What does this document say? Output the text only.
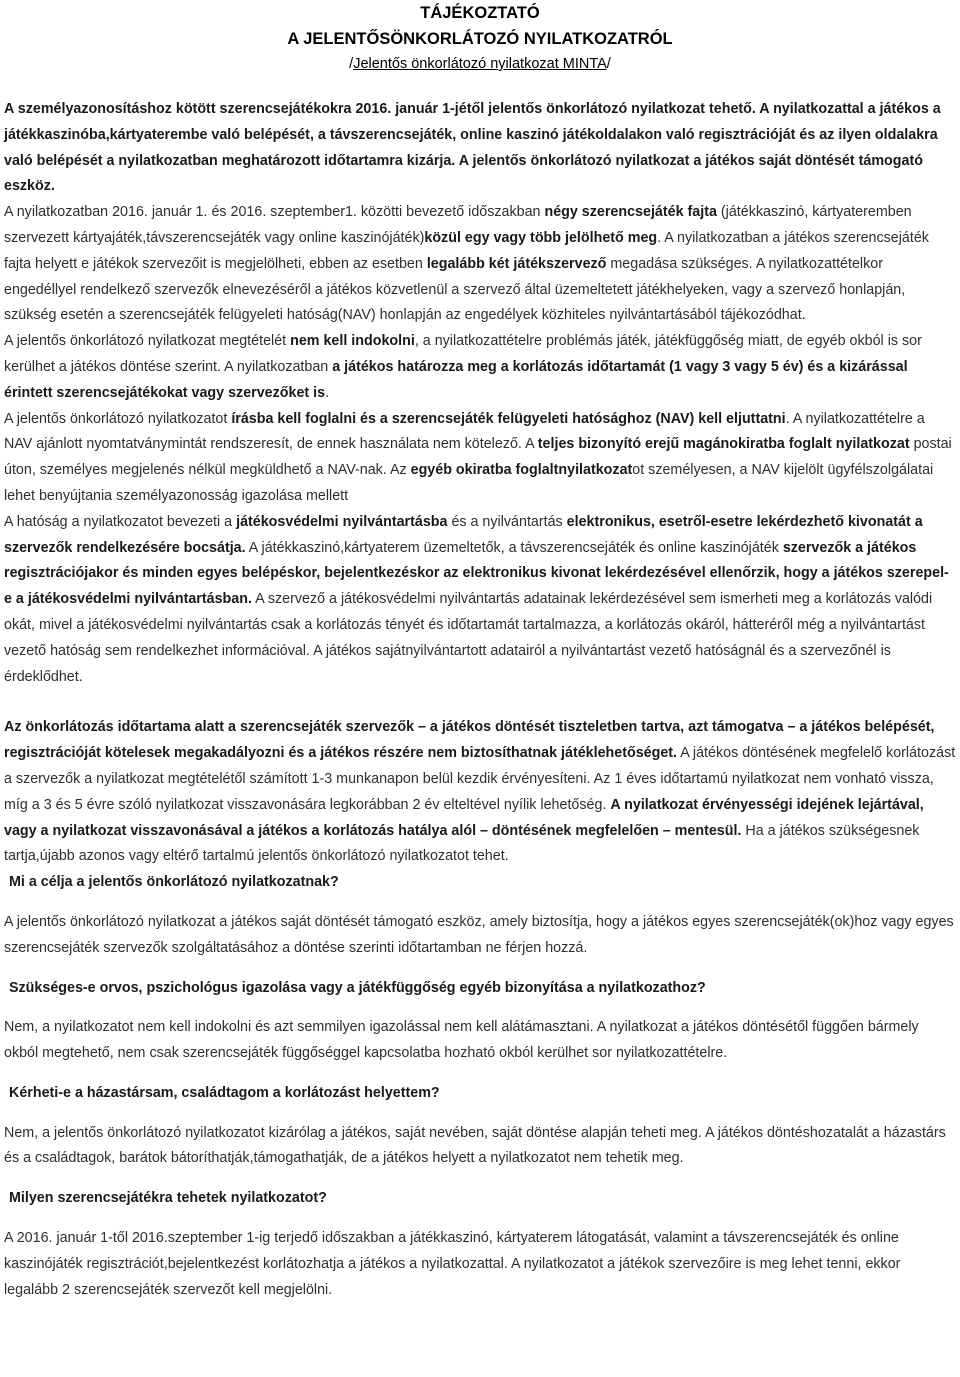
TÁJÉKOZTATÓ
A JELENTŐSÖNKORLÁTOZÓ NYILATKOZATRÓL
/Jelentős önkorlátozó nyilatkozat MINTA/

A személyazonosításhoz kötött szerencsejátékokra 2016. január 1-jétől jelentős önkorlátozó nyilatkozat tehető. A nyilatkozattal a játékos a játékkaszinóba,kártyaterembe való belépését, a távszerencsejáték, online kaszinó játékoldalakon való regisztrációját és az ilyen oldalakra való belépését a nyilatkozatban meghatározott időtartamra kizárja. A jelentős önkorlátozó nyilatkozat a játékos saját döntését támogató eszköz.

A nyilatkozatban 2016. január 1. és 2016. szeptember1. közötti bevezető időszakban négy szerencsejáték fajta (játékkaszinó, kártyateremben szervezett kártyajáték,távszerencsejáték vagy online kaszinójáték)közül egy vagy több jelölhető meg. A nyilatkozatban a játékos szerencsejáték fajta helyett e játékok szervezőit is megjelölheti, ebben az esetben legalább két játékszervező megadása szükséges. A nyilatkozattételkor engedéllyel rendelkező szervezők elnevezéséről a játékos közvetlenül a szervező által üzemeltetett játékhelyeken, vagy a szervező honlapján, szükség esetén a szerencsejáték felügyeleti hatóság(NAV) honlapján az engedélyek közhiteles nyilvántartásából tájékozódhat.

A jelentős önkorlátozó nyilatkozat megtételét nem kell indokolni, a nyilatkozattételre problémás játék, játékfüggőség miatt, de egyéb okból is sor kerülhet a játékos döntése szerint. A nyilatkozatban a játékos határozza meg a korlátozás időtartamát (1 vagy 3 vagy 5 év) és a kizárással érintett szerencsejátékokat vagy szervezőket is.

A jelentős önkorlátozó nyilatkozatot írásba kell foglalni és a szerencsejáték felügyeleti hatósághoz (NAV) kell eljuttatni. A nyilatkozattételre a NAV ajánlott nyomtatványmintát rendszeresít, de ennek használata nem kötelező. A teljes bizonyító erejű magánokiratba foglalt nyilatkozat postai úton, személyes megjelenés nélkül megküldhető a NAV-nak. Az egyéb okiratba foglaltnyilatkozatot személyesen, a NAV kijelölt ügyfélszolgálatai lehet benyújtania személyazonosság igazolása mellett

A hatóság a nyilatkozatot bevezeti a játékosvédelmi nyilvántartásba és a nyilvántartás elektronikus, esetről-esetre lekérdezhető kivonatát a szervezők rendelkezésére bocsátja. A játékkaszinó,kártyaterem üzemeltetők, a távszerencsejáték és online kaszinójáték szervezők a játékos regisztrációjakor és minden egyes belépéskor, bejelentkezéskor az elektronikus kivonat lekérdezésével ellenőrzik, hogy a játékos szerepel-e a játékosvédelmi nyilvántartásban. A szervező a játékosvédelmi nyilvántartás adatainak lekérdezésével sem ismerheti meg a korlátozás valódi okát, mivel a játékosvédelmi nyilvántartás csak a korlátozás tényét és időtartamát tartalmazza, a korlátozás okáról, hátteréről még a nyilvántartást vezető hatóság sem rendelkezhet információval. A játékos sajátnyilvántartott adatairól a nyilvántartást vezető hatóságnál és a szervezőnél is érdeklődhet.

Az önkorlátozás időtartama alatt a szerencsejáték szervezők – a játékos döntését tiszteletben tartva, azt támogatva – a játékos belépését, regisztrációját kötelesek megakadályozni és a játékos részére nem biztosíthatnak játéklehetőséget. A játékos döntésének megfelelő korlátozást a szervezők a nyilatkozat megtételétől számított 1-3 munkanapon belül kezdik érvényesíteni. Az 1 éves időtartamú nyilatkozat nem vonható vissza, míg a 3 és 5 évre szóló nyilatkozat visszavonására legkorábban 2 év elteltével nyílik lehetőség. A nyilatkozat érvényességi idejének lejártával, vagy a nyilatkozat visszavonásával a játékos a korlátozás hatálya alól – döntésének megfelelően – mentesül. Ha a játékos szükségesnek tartja,újabb azonos vagy eltérő tartalmú jelentős önkorlátozó nyilatkozatot tehet.

Mi a célja a jelentős önkorlátozó nyilatkozatnak?

A jelentős önkorlátozó nyilatkozat a játékos saját döntését támogató eszköz, amely biztosítja, hogy a játékos egyes szerencsejáték(ok)hoz vagy egyes szerencsejáték szervezők szolgáltatásához a döntése szerinti időtartamban ne férjen hozzá.

Szükséges-e orvos, pszichológus igazolása vagy a játékfüggőség egyéb bizonyítása a nyilatkozathoz?

Nem, a nyilatkozatot nem kell indokolni és azt semmilyen igazolással nem kell alátámasztani. A nyilatkozat a játékos döntésétől függően bármely okból megtehető, nem csak szerencsejáték függőséggel kapcsolatba hozható okból kerülhet sor nyilatkozattételre.

Kérheti-e a házastársam, családtagom a korlátozást helyettem?

Nem, a jelentős önkorlátozó nyilatkozatot kizárólag a játékos, saját nevében, saját döntése alapján teheti meg. A játékos döntéshozatalát a házastárs és a családtagok, barátok bátoríthatják,támogathatják, de a játékos helyett a nyilatkozatot nem tehetik meg.

Milyen szerencsejátékra tehetek nyilatkozatot?

A 2016. január 1-től 2016.szeptember 1-ig terjedő időszakban a játékkaszinó, kártyaterem látogatását, valamint a távszerencsejáték és online kaszinójáték regisztrációt,bejelentkezést korlátozhatja a játékos a nyilatkozattal. A nyilatkozatot a játékok szervezőire is meg lehet tenni, ekkor legalább 2 szerencsejáték szervezőt kell megjelölni.
